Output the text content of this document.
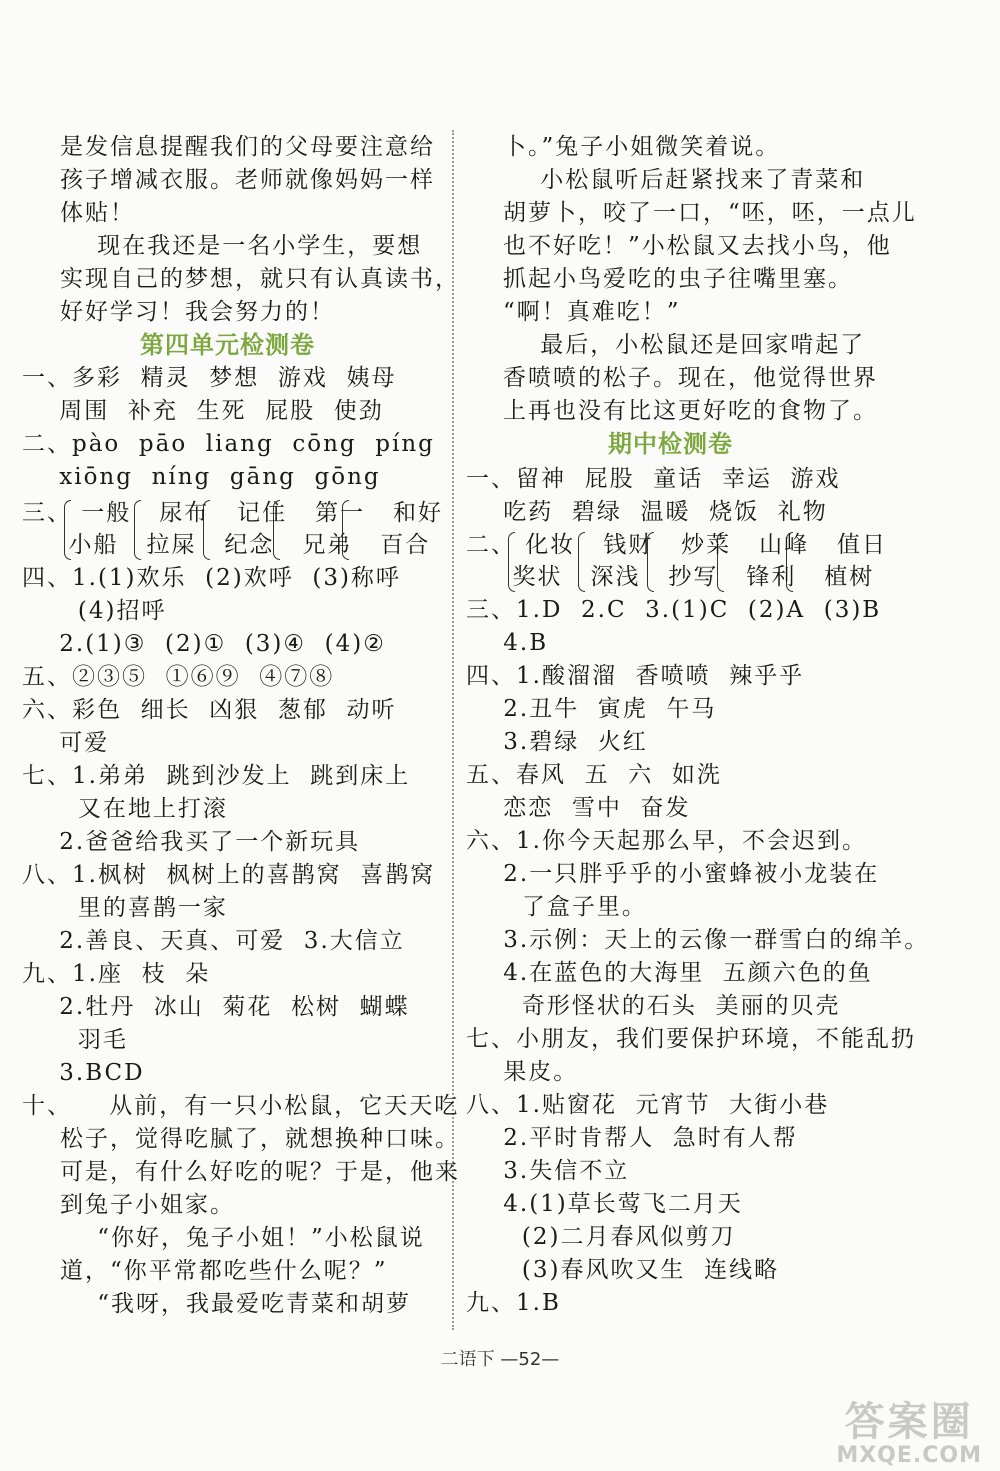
是发信息提醒我们的父母要注意给
孩子增减衣服。老师就像妈妈一样
体贴！
现在我还是一名小学生，要想
实现自己的梦想，就只有认真读书，
好好学习！我会努力的！
第四单元检测卷
一、多彩  精灵  梦想  游戏  姨母
周围  补充  生死  屁股  使劲
二、pào  pāo  liang  cōng  píng
xiōng  níng  gāng  gōng
三、 一般   尿布   记住   第一   和好
小船   拉屎   纪念   兄弟   百合
四、1.(1)欢乐  (2)欢呼  (3)称呼
(4)招呼
2.(1)③  (2)①  (3)④  (4)②
五、②③⑤  ①⑥⑨  ④⑦⑧
六、彩色  细长  凶狠  葱郁  动听
可爱
七、1.弟弟  跳到沙发上  跳到床上
又在地上打滚
2.爸爸给我买了一个新玩具
八、1.枫树  枫树上的喜鹊窝  喜鹊窝
里的喜鹊一家
2.善良、天真、可爱  3.大信立
九、1.座  枝  朵
2.牡丹  冰山  菊花  松树  蝴蝶
羽毛
3.BCD
十、    从前，有一只小松鼠，它天天吃
松子，觉得吃腻了，就想换种口味。
可是，有什么好吃的呢？于是，他来
到兔子小姐家。
“你好，兔子小姐！”小松鼠说
道，“你平常都吃些什么呢？”
“我呀，我最爱吃青菜和胡萝
卜。”兔子小姐微笑着说。
小松鼠听后赶紧找来了青菜和
胡萝卜，咬了一口，“呸，呸，一点儿
也不好吃！”小松鼠又去找小鸟，他
抓起小鸟爱吃的虫子往嘴里塞。
“啊！真难吃！”
最后，小松鼠还是回家啃起了
香喷喷的松子。现在，他觉得世界
上再也没有比这更好吃的食物了。
期中检测卷
一、留神  屁股  童话  幸运  游戏
吃药  碧绿  温暖  烧饭  礼物
二、 化妆   钱财   炒菜   山峰   值日
奖状   深浅   抄写   锋利   植树
三、1.D  2.C  3.(1)C  (2)A  (3)B
4.B
四、1.酸溜溜  香喷喷  辣乎乎
2.丑牛  寅虎  午马
3.碧绿  火红
五、春风  五  六  如洗
恋恋  雪中  奋发
六、1.你今天起那么早，不会迟到。
2.一只胖乎乎的小蜜蜂被小龙装在
了盒子里。
3.示例：天上的云像一群雪白的绵羊。
4.在蓝色的大海里  五颜六色的鱼
奇形怪状的石头  美丽的贝壳
七、小朋友，我们要保护环境，不能乱扔
果皮。
八、1.贴窗花  元宵节  大街小巷
2.平时肯帮人  急时有人帮
3.失信不立
4.(1)草长莺飞二月天
(2)二月春风似剪刀
(3)春风吹又生  连线略
九、1.B
二语下 —52—
答案圈
MXQE.COM
